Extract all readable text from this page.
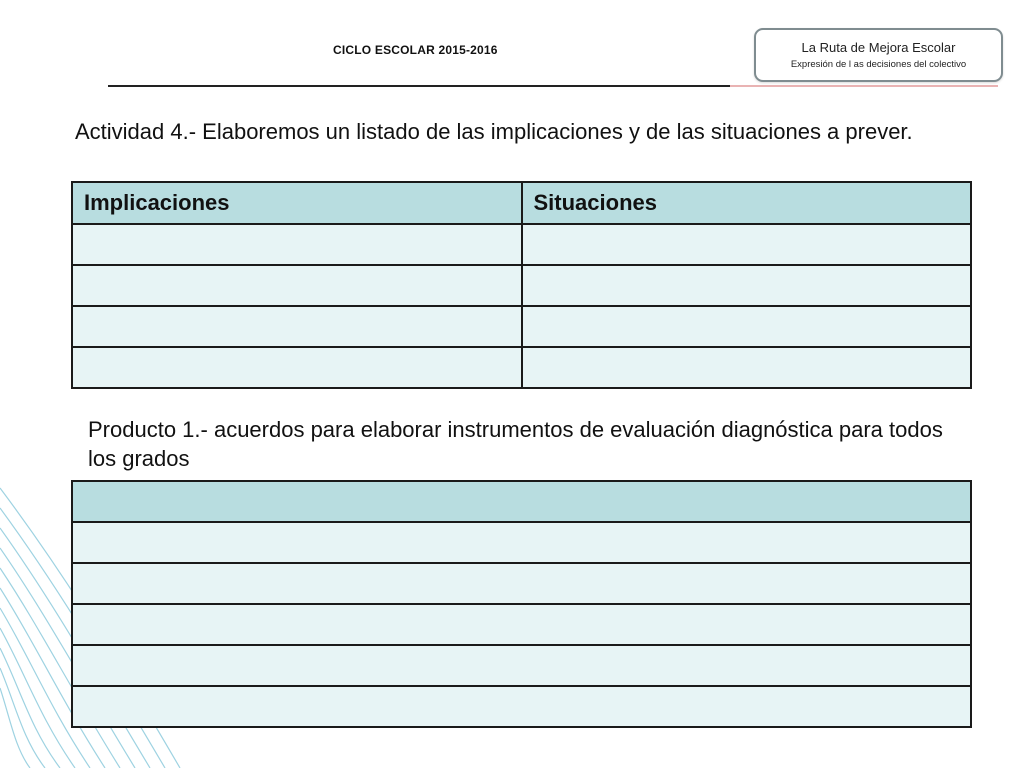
CICLO ESCOLAR 2015-2016	La Ruta de Mejora Escolar
Expresión de l as decisiones del colectivo

Actividad 4.- Elaboremos un listado de las implicaciones y de las situaciones a prever.

Implicaciones	Situaciones

Producto 1.- acuerdos para elaborar instrumentos de evaluación diagnóstica para todos los grados
